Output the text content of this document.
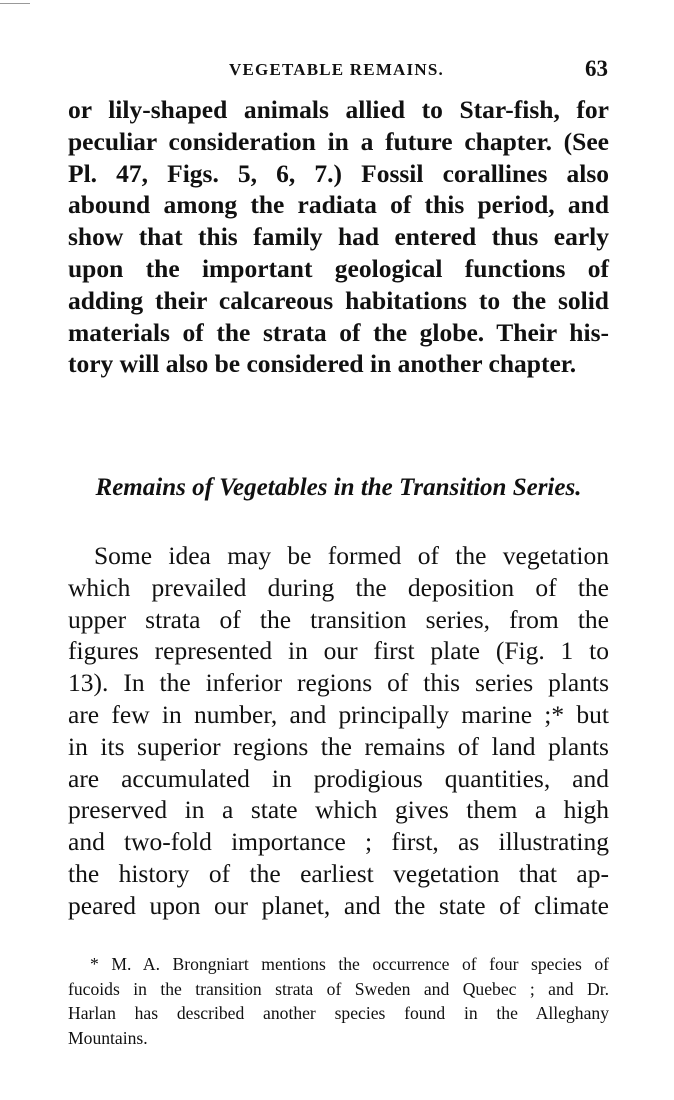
VEGETABLE REMAINS.	63
or lily-shaped animals allied to Star-fish, for
peculiar consideration in a future chapter. (See
Pl. 47, Figs. 5, 6, 7.) Fossil corallines also
abound among the radiata of this period, and
show that this family had entered thus early
upon the important geological functions of
adding their calcareous habitations to the solid
materials of the strata of the globe. Their his-
tory will also be considered in another chapter.
Remains of Vegetables in the Transition Series.
Some idea may be formed of the vegetation
which prevailed during the deposition of the
upper strata of the transition series, from the
figures represented in our first plate (Fig. 1 to
13). In the inferior regions of this series plants
are few in number, and principally marine ;* but
in its superior regions the remains of land plants
are accumulated in prodigious quantities, and
preserved in a state which gives them a high
and two-fold importance ; first, as illustrating
the history of the earliest vegetation that ap-
peared upon our planet, and the state of climate
* M. A. Brongniart mentions the occurrence of four species of
fucoids in the transition strata of Sweden and Quebec ; and Dr.
Harlan has described another species found in the Alleghany
Mountains.
